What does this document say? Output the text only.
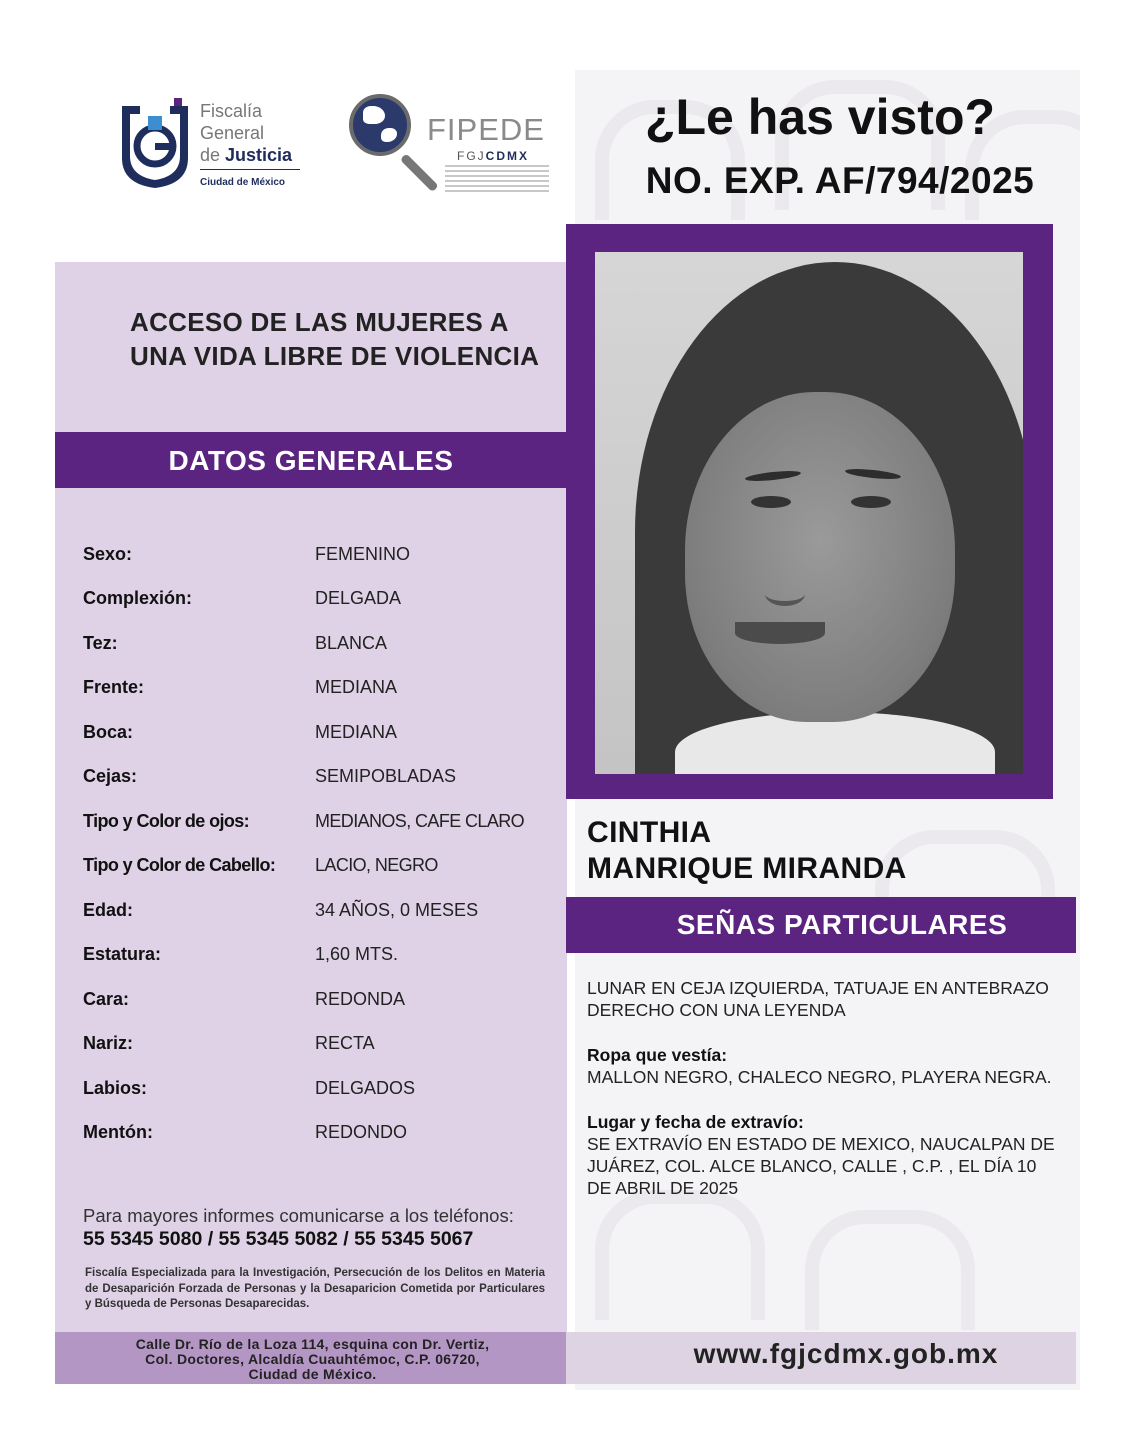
Fiscalía
General
de Justicia
Ciudad de México
FIPEDE
FGJCDMX
¿Le has visto?
NO. EXP. AF/794/2025
ACCESO DE LAS MUJERES A UNA VIDA LIBRE DE VIOLENCIA
DATOS GENERALES
Sexo:	FEMENINO
Complexión:	DELGADA
Tez:	BLANCA
Frente:	MEDIANA
Boca:	MEDIANA
Cejas:	SEMIPOBLADAS
Tipo y Color de ojos:	MEDIANOS, CAFE CLARO
Tipo y Color de Cabello:	LACIO, NEGRO
Edad:	34 AÑOS, 0 MESES
Estatura:	1,60 MTS.
Cara:	REDONDA
Nariz:	RECTA
Labios:	DELGADOS
Mentón:	REDONDO
Para mayores informes comunicarse a los teléfonos:
55 5345 5080 / 55 5345 5082 / 55 5345 5067
Fiscalía Especializada para la Investigación, Persecución de los Delitos en Materia de Desaparición Forzada de Personas y la Desaparicion Cometida por Particulares y Búsqueda de Personas Desaparecidas.
Calle Dr. Río de la Loza 114, esquina con Dr. Vertiz,
Col. Doctores, Alcaldía Cuauhtémoc, C.P. 06720,
Ciudad de México.
CINTHIA
MANRIQUE MIRANDA
SEÑAS PARTICULARES
LUNAR EN CEJA IZQUIERDA, TATUAJE EN ANTEBRAZO DERECHO CON UNA LEYENDA
Ropa que vestía:
MALLON NEGRO, CHALECO NEGRO, PLAYERA NEGRA.
Lugar y fecha de extravío:
SE EXTRAVÍO EN ESTADO DE MEXICO, NAUCALPAN DE JUÁREZ, COL. ALCE BLANCO, CALLE , C.P. , EL DÍA 10 DE ABRIL DE 2025
www.fgjcdmx.gob.mx
